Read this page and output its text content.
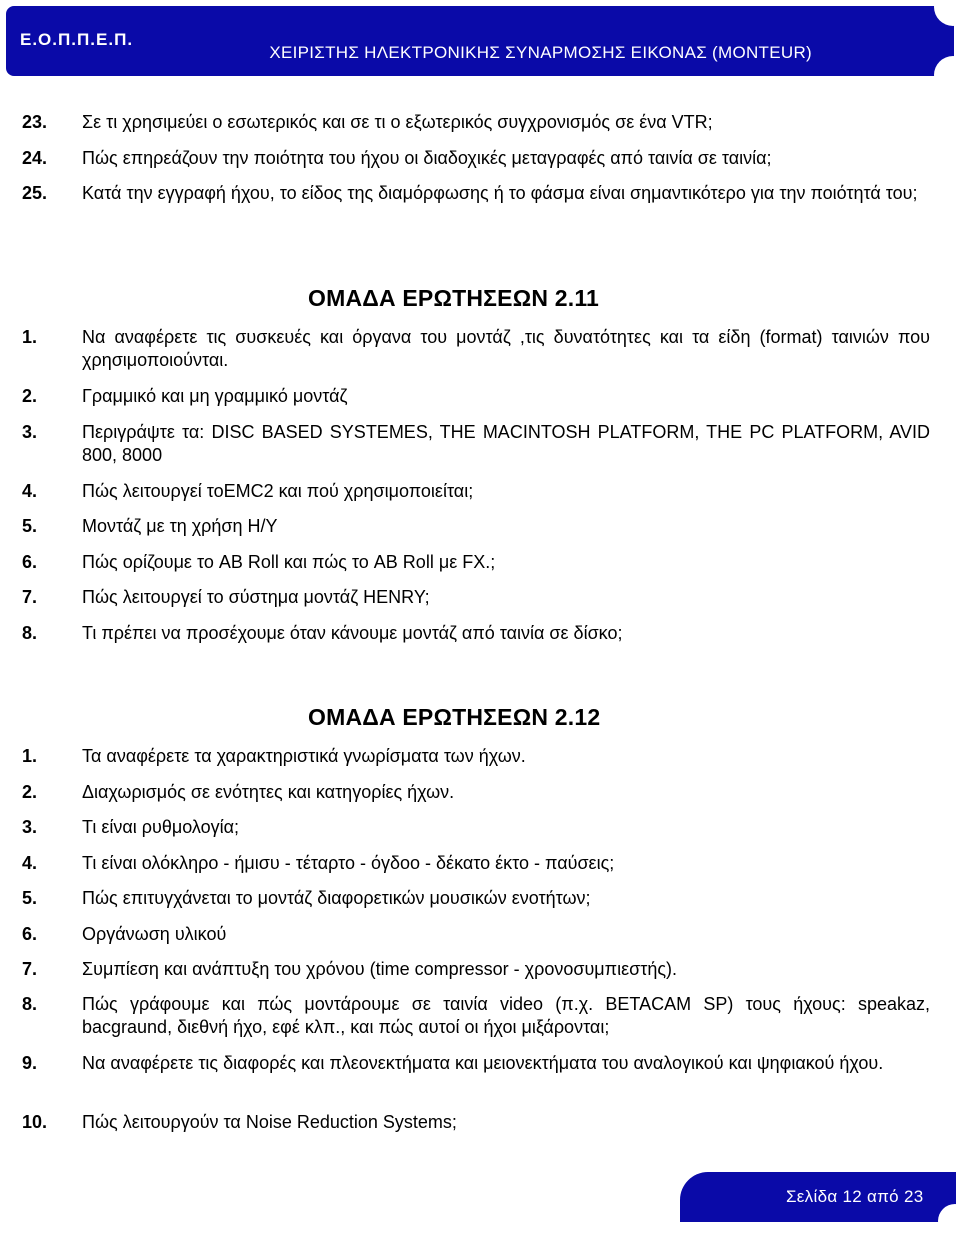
Ε.Ο.Π.Π.Ε.Π.
ΧΕΙΡΙΣΤΗΣ ΗΛΕΚΤΡΟΝΙΚΗΣ ΣΥΝΑΡΜΟΣΗΣ ΕΙΚΟΝΑΣ (MONTEUR)
23. Σε τι χρησιμεύει ο εσωτερικός και σε τι ο εξωτερικός συγχρονισμός σε ένα VTR;
24. Πώς επηρεάζουν την ποιότητα του ήχου οι διαδοχικές μεταγραφές από ταινία σε ταινία;
25. Κατά την εγγραφή ήχου, το είδος της διαμόρφωσης ή το φάσμα είναι σημαντικότερο για την ποιότητά του;
ΟΜΑΔΑ ΕΡΩΤΗΣΕΩΝ 2.11
1. Να αναφέρετε τις συσκευές και όργανα του μοντάζ ,τις δυνατότητες και τα είδη (format) ταινιών που χρησιμοποιούνται.
2. Γραμμικό και μη γραμμικό μοντάζ
3. Περιγράψτε τα: DISC BASED SYSTEMES, THE MACINTOSH PLATFORM, THE PC PLATFORM, AVID 800, 8000
4. Πώς λειτουργεί τοEMC2 και πού χρησιμοποιείται;
5. Μοντάζ με τη χρήση Η/Υ
6. Πώς ορίζουμε το AB Roll και πώς το AB Roll με FX.;
7. Πώς λειτουργεί το σύστημα μοντάζ HENRY;
8. Τι πρέπει να προσέχουμε όταν κάνουμε μοντάζ από ταινία σε δίσκο;
ΟΜΑΔΑ ΕΡΩΤΗΣΕΩΝ 2.12
1. Τα αναφέρετε τα χαρακτηριστικά γνωρίσματα των ήχων.
2. Διαχωρισμός σε ενότητες και κατηγορίες ήχων.
3. Τι είναι ρυθμολογία;
4. Τι είναι ολόκληρο - ήμισυ - τέταρτο - όγδοο - δέκατο έκτο - παύσεις;
5. Πώς επιτυγχάνεται το μοντάζ διαφορετικών μουσικών ενοτήτων;
6. Οργάνωση υλικού
7. Συμπίεση και ανάπτυξη του χρόνου (time compressor - χρονοσυμπιεστής).
8. Πώς γράφουμε και πώς μοντάρουμε σε ταινία video (π.χ. BETACAM SP) τους ήχους: speakaz, bacgraund, διεθνή ήχο, εφέ κλπ., και πώς αυτοί οι ήχοι μιξάρονται;
9. Να αναφέρετε τις διαφορές και πλεονεκτήματα και μειονεκτήματα του αναλογικού και ψηφιακού ήχου.
10. Πώς λειτουργούν τα Noise Reduction Systems;
Σελίδα 12 από 23
